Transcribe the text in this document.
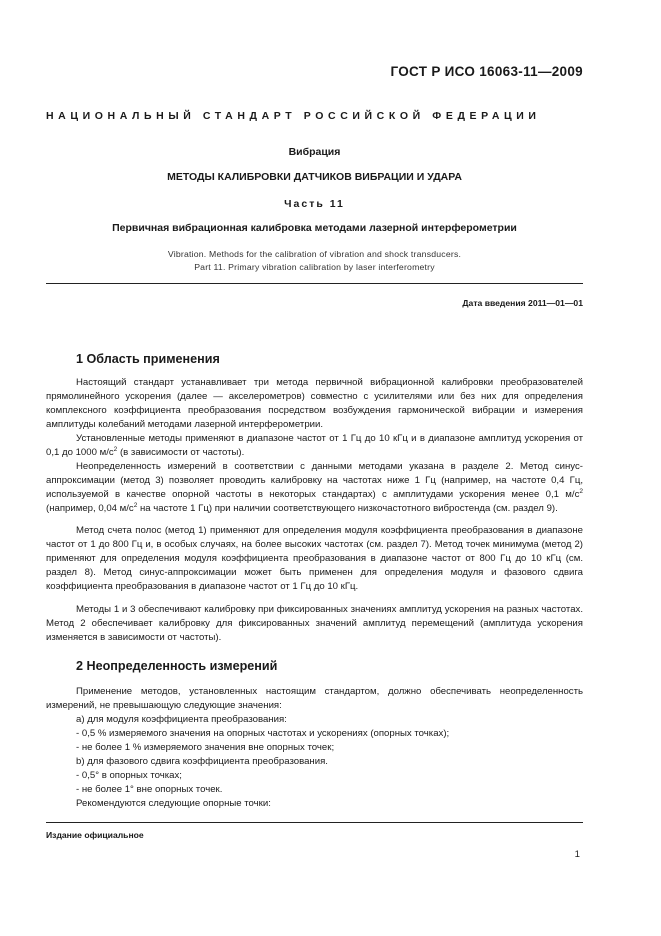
ГОСТ Р ИСО 16063-11—2009
НАЦИОНАЛЬНЫЙ СТАНДАРТ РОССИЙСКОЙ ФЕДЕРАЦИИ
Вибрация
МЕТОДЫ КАЛИБРОВКИ ДАТЧИКОВ ВИБРАЦИИ И УДАРА
Часть 11
Первичная вибрационная калибровка методами лазерной интерферометрии
Vibration. Methods for the calibration of vibration and shock transducers.
Part 11. Primary vibration calibration by laser interferometry
Дата введения 2011—01—01
1 Область применения
Настоящий стандарт устанавливает три метода первичной вибрационной калибровки преобразователей прямолинейного ускорения (далее — акселерометров) совместно с усилителями или без них для определения комплексного коэффициента преобразования посредством возбуждения гармонической вибрации и измерения амплитуды колебаний методами лазерной интерферометрии.
Установленные методы применяют в диапазоне частот от 1 Гц до 10 кГц и в диапазоне амплитуд ускорения от 0,1 до 1000 $м/с^2$ (в зависимости от частоты).
Неопределенность измерений в соответствии с данными методами указана в разделе 2. Метод синус-аппроксимации (метод 3) позволяет проводить калибровку на частотах ниже 1 Гц (например, на частоте 0,4 Гц, используемой в качестве опорной частоты в некоторых стандартах) с амплитудами ускорения менее 0,1 $м/с^2$ (например, 0,04 $м/с^2$ на частоте 1 Гц) при наличии соответствующего низкочастотного вибростенда (см. раздел 9).
Метод счета полос (метод 1) применяют для определения модуля коэффициента преобразования в диапазоне частот от 1 до 800 Гц и, в особых случаях, на более высоких частотах (см. раздел 7). Метод точек минимума (метод 2) применяют для определения модуля коэффициента преобразования в диапазоне частот от 800 Гц до 10 кГц (см. раздел 8). Метод синус-аппроксимации может быть применен для определения модуля и фазового сдвига коэффициента преобразования в диапазоне частот от 1 Гц до 10 кГц.
Методы 1 и 3 обеспечивают калибровку при фиксированных значениях амплитуд ускорения на разных частотах. Метод 2 обеспечивает калибровку для фиксированных значений амплитуд перемещений (амплитуда ускорения изменяется в зависимости от частоты).
2 Неопределенность измерений
Применение методов, установленных настоящим стандартом, должно обеспечивать неопределенность измерений, не превышающую следующие значения:
a) для модуля коэффициента преобразования:
- 0,5 % измеряемого значения на опорных частотах и ускорениях (опорных точках);
- не более 1 % измеряемого значения вне опорных точек;
b) для фазового сдвига коэффициента преобразования.
- 0,5° в опорных точках;
- не более 1° вне опорных точек.
Рекомендуются следующие опорные точки:
Издание официальное
1
